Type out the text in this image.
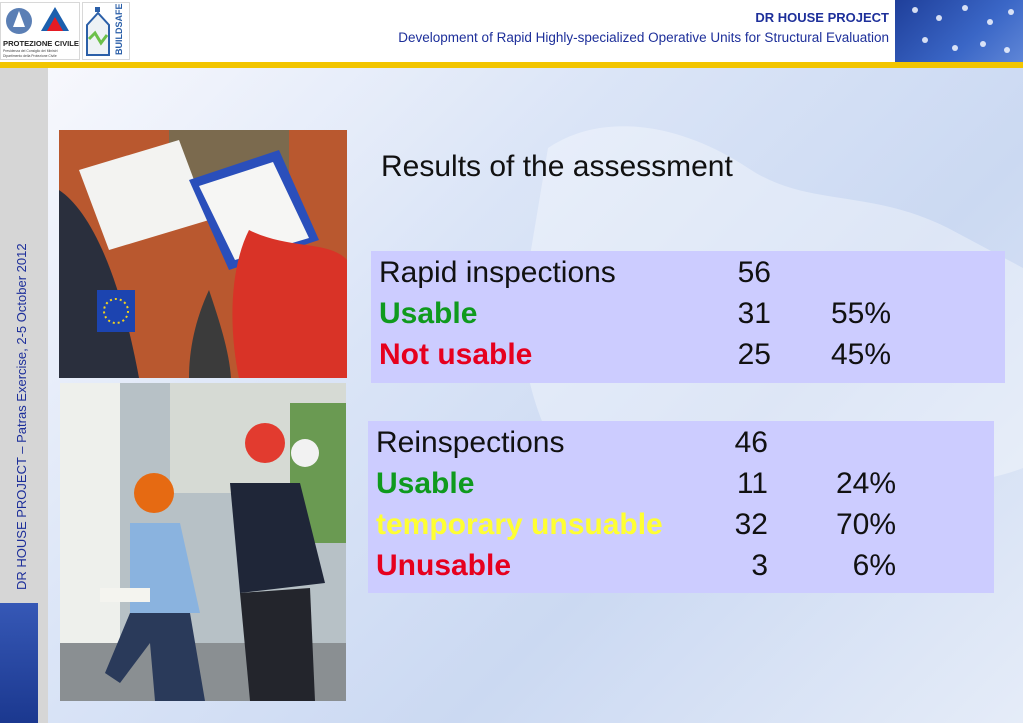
PROTEZIONE CIVILE
Presidenza del Consiglio dei Ministri
Dipartimento della Protezione Civile
BUILDSAFE	DR HOUSE PROJECT
Development of Rapid Highly-specialized Operative Units for Structural Evaluation
DR HOUSE PROJECT – Patras Exercise, 2-5 October 2012
Results of the assessment
Rapid inspections	56
Usable	31	55%
Not usable	25	45%
Reinspections	46
Usable	11	24%
temporary unsuable	32	70%
Unusable	3	6%
